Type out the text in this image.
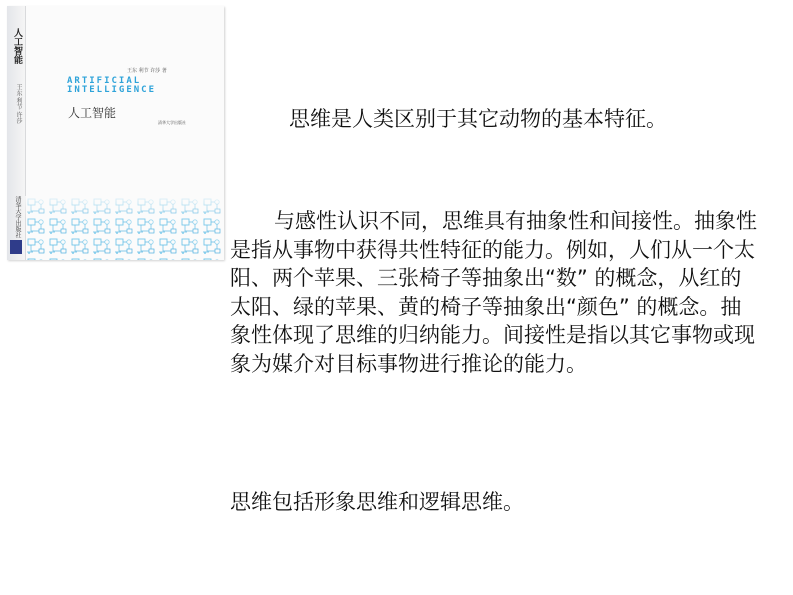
人工智能
王东 利节 许莎
清华大学出版社
王东 利节 许莎 著
ARTIFICIAL
INTELLIGENCE
人工智能
清华大学出版社	思维是人类区别于其它动物的基本特征。

与感性认识不同，思维具有抽象性和间接性。抽象性是指从事物中获得共性特征的能力。例如，人们从一个太阳、两个苹果、三张椅子等抽象出“数” 的概念，从红的太阳、绿的苹果、黄的椅子等抽象出“颜色” 的概念。抽象性体现了思维的归纳能力。间接性是指以其它事物或现象为媒介对目标事物进行推论的能力。

思维包括形象思维和逻辑思维。
